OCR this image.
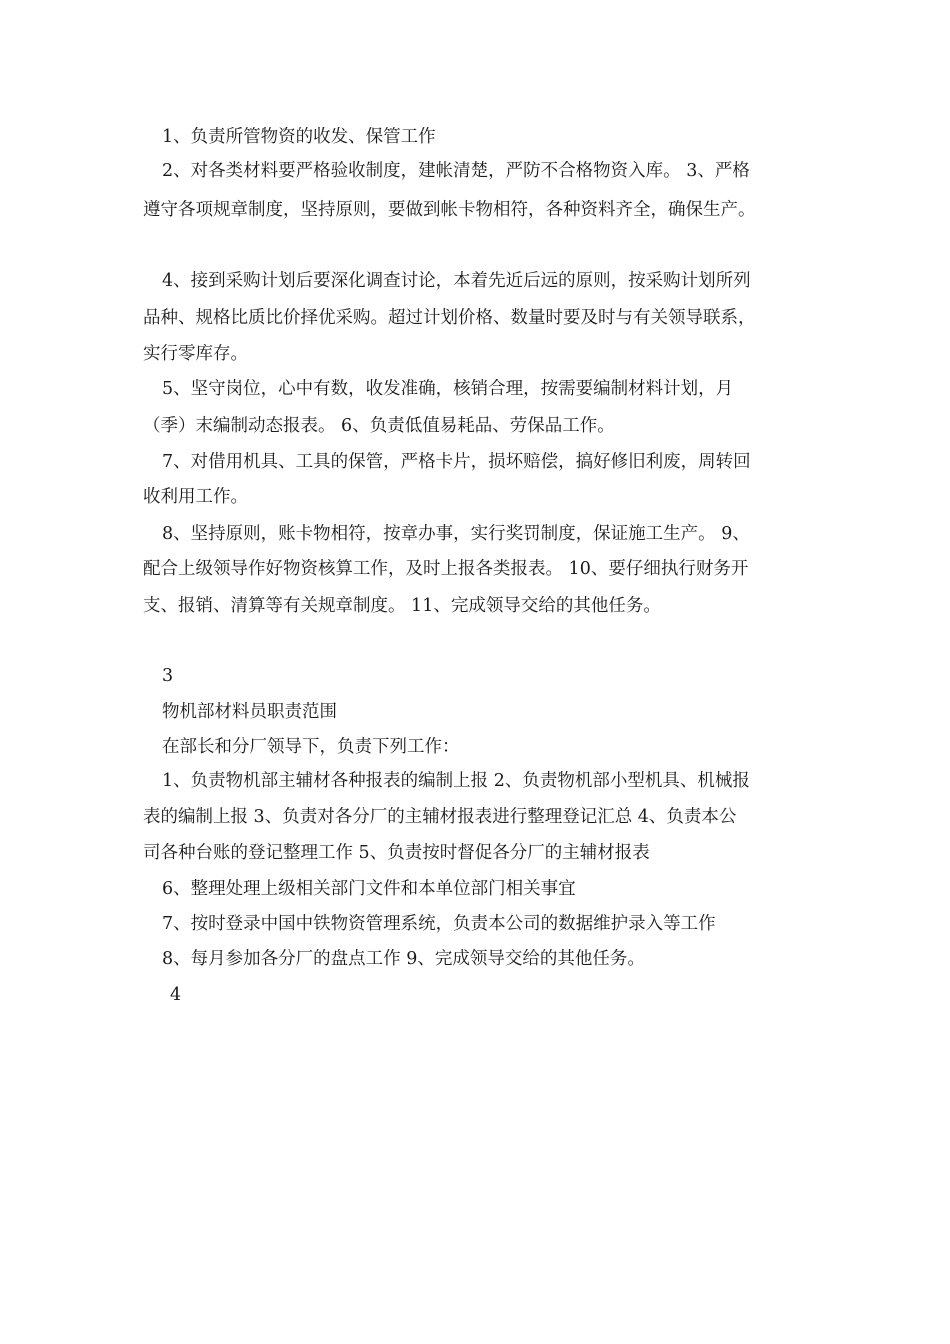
1、负责所管物资的收发、保管工作
2、对各类材料要严格验收制度，建帐清楚，严防不合格物资入库。 3、严格
遵守各项规章制度，坚持原则，要做到帐卡物相符，各种资料齐全，确保生产。
4、接到采购计划后要深化调查讨论，本着先近后远的原则，按采购计划所列
品种、规格比质比价择优采购。超过计划价格、数量时要及时与有关领导联系，
实行零库存。
5、坚守岗位，心中有数，收发准确，核销合理，按需要编制材料计划，月
（季）末编制动态报表。 6、负责低值易耗品、劳保品工作。
7、对借用机具、工具的保管，严格卡片，损坏赔偿，搞好修旧利废，周转回
收利用工作。
8、坚持原则，账卡物相符，按章办事，实行奖罚制度，保证施工生产。 9、
配合上级领导作好物资核算工作，及时上报各类报表。 10、要仔细执行财务开
支、报销、清算等有关规章制度。 11、完成领导交给的其他任务。
3
物机部材料员职责范围
在部长和分厂领导下，负责下列工作：
1、负责物机部主辅材各种报表的编制上报 2、负责物机部小型机具、机械报
表的编制上报 3、负责对各分厂的主辅材报表进行整理登记汇总 4、负责本公
司各种台账的登记整理工作 5、负责按时督促各分厂的主辅材报表
6、整理处理上级相关部门文件和本单位部门相关事宜
7、按时登录中国中铁物资管理系统，负责本公司的数据维护录入等工作
8、每月参加各分厂的盘点工作 9、完成领导交给的其他任务。
4
